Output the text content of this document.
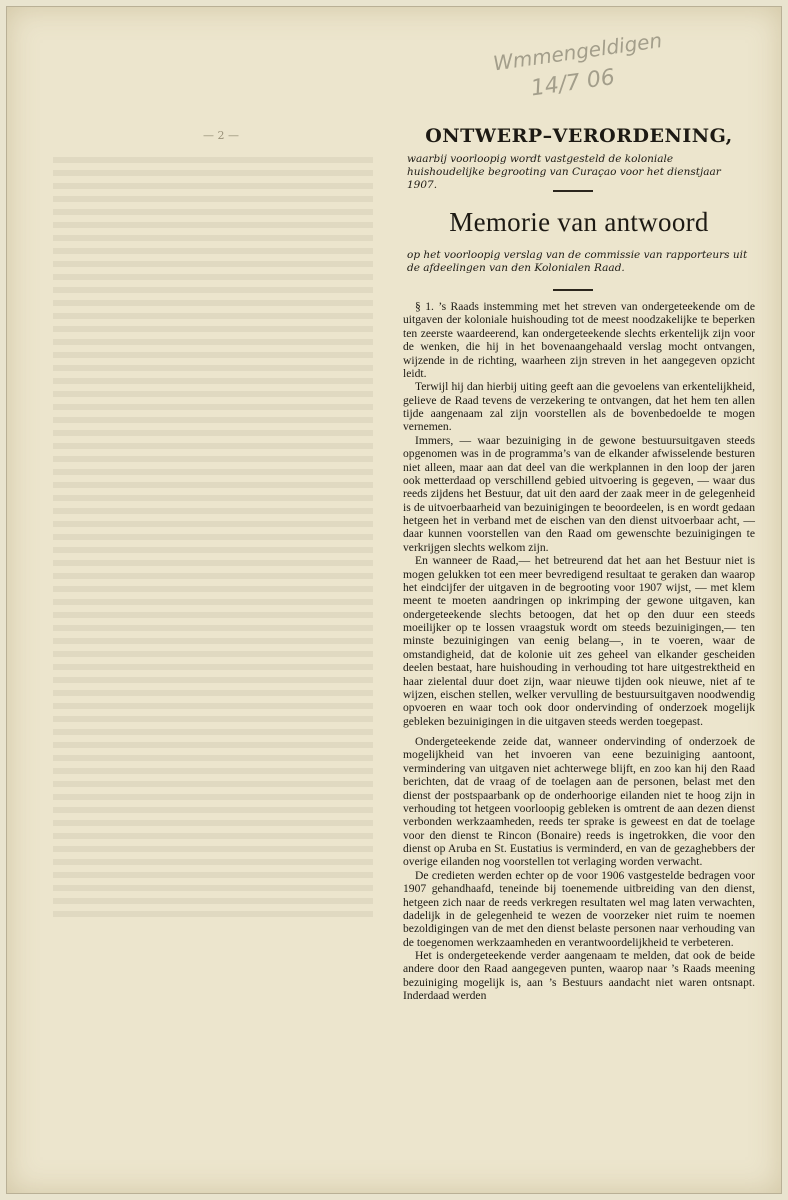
Wmmengeldigen
14/7 06
— 2 —	ONTWERP–VERORDENING,
waarbij voorloopig wordt vastgesteld de koloniale huishoudelijke begrooting van Curaçao voor het dienstjaar 1907.
Memorie van antwoord
op het voorloopig verslag van de commissie van rapporteurs uit de afdeelingen van den Kolonialen Raad.

§ 1. ’s Raads instemming met het streven van ondergeteekende om de uitgaven der koloniale huishouding tot de meest noodzakelijke te beperken ten zeerste waardeerend, kan ondergeteekende slechts erkentelijk zijn voor de wenken, die hij in het bovenaangehaald verslag mocht ontvangen, wijzende in de richting, waarheen zijn streven in het aangegeven opzicht leidt.

Terwijl hij dan hierbij uiting geeft aan die gevoelens van erkentelijkheid, gelieve de Raad tevens de verzekering te ontvangen, dat het hem ten allen tijde aangenaam zal zijn voorstellen als de bovenbedoelde te mogen vernemen.

Immers, — waar bezuiniging in de gewone bestuursuitgaven steeds opgenomen was in de programma’s van de elkander afwisselende besturen niet alleen, maar aan dat deel van die werkplannen in den loop der jaren ook metterdaad op verschillend gebied uitvoering is gegeven, — waar dus reeds zijdens het Bestuur, dat uit den aard der zaak meer in de gelegenheid is de uitvoerbaarheid van bezuinigingen te beoordeelen, is en wordt gedaan hetgeen het in verband met de eischen van den dienst uitvoerbaar acht, — daar kunnen voorstellen van den Raad om gewenschte bezuinigingen te verkrijgen slechts welkom zijn.

En wanneer de Raad,— het betreurend dat het aan het Bestuur niet is mogen gelukken tot een meer bevredigend resultaat te geraken dan waarop het eindcijfer der uitgaven in de begrooting voor 1907 wijst, — met klem meent te moeten aandringen op inkrimping der gewone uitgaven, kan ondergeteekende slechts betoogen, dat het op den duur een steeds moeilijker op te lossen vraagstuk wordt om steeds bezuinigingen,— ten minste bezuinigingen van eenig belang—, in te voeren, waar de omstandigheid, dat de kolonie uit zes geheel van elkander gescheiden deelen bestaat, hare huishouding in verhouding tot hare uitgestrektheid en haar zielental duur doet zijn, waar nieuwe tijden ook nieuwe, niet af te wijzen, eischen stellen, welker vervulling de bestuursuitgaven noodwendig opvoeren en waar toch ook door ondervinding of onderzoek mogelijk gebleken bezuinigingen in die uitgaven steeds werden toegepast.

Ondergeteekende zeide dat, wanneer ondervinding of onderzoek de mogelijkheid van het invoeren van eene bezuiniging aantoont, vermindering van uitgaven niet achterwege blijft, en zoo kan hij den Raad berichten, dat de vraag of de toelagen aan de personen, belast met den dienst der postspaarbank op de onderhoorige eilanden niet te hoog zijn in verhouding tot hetgeen voorloopig gebleken is omtrent de aan dezen dienst verbonden werkzaamheden, reeds ter sprake is geweest en dat de toelage voor den dienst te Rincon (Bonaire) reeds is ingetrokken, die voor den dienst op Aruba en St. Eustatius is verminderd, en van de gezaghebbers der overige eilanden nog voorstellen tot verlaging worden verwacht.

De credieten werden echter op de voor 1906 vastgestelde bedragen voor 1907 gehandhaafd, teneinde bij toenemende uitbreiding van den dienst, hetgeen zich naar de reeds verkregen resultaten wel mag laten verwachten, dadelijk in de gelegenheid te wezen de voorzeker niet ruim te noemen bezoldigingen van de met den dienst belaste personen naar verhouding van de toegenomen werkzaamheden en verantwoordelijkheid te verbeteren.

Het is ondergeteekende verder aangenaam te melden, dat ook de beide andere door den Raad aangegeven punten, waarop naar ’s Raads meening bezuiniging mogelijk is, aan ’s Bestuurs aandacht niet waren ontsnapt. Inderdaad werden
